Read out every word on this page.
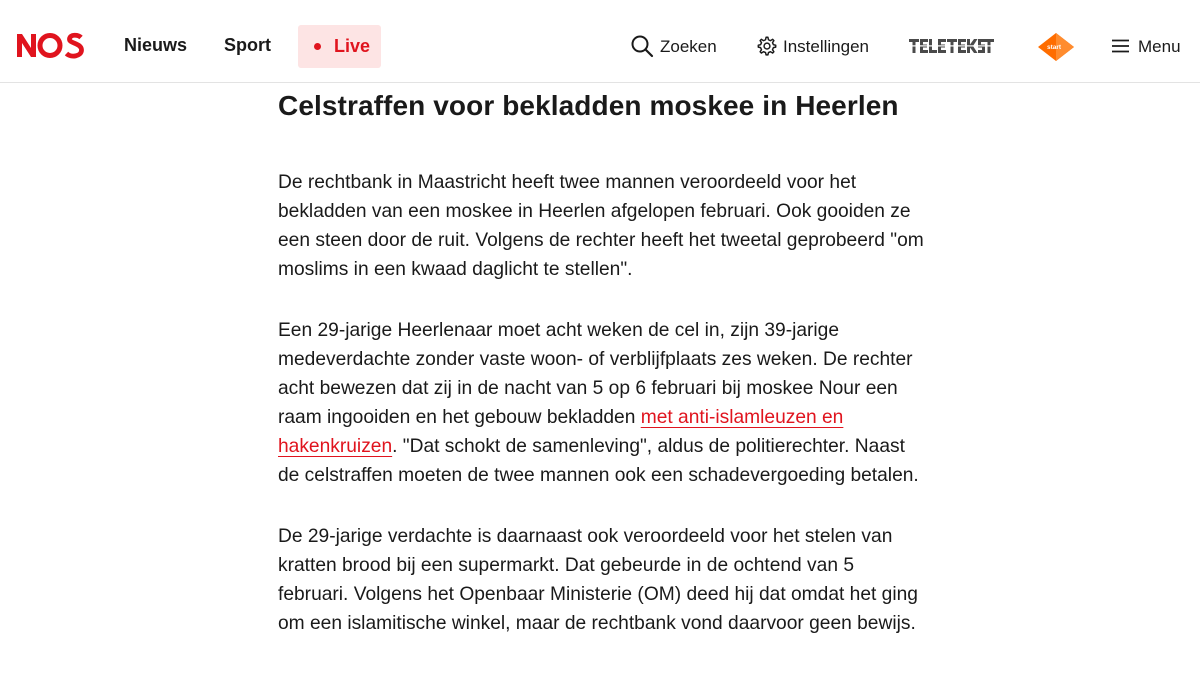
Nieuws Sport	Live	Zoeken	Instellingen	start	Menu
Celstraffen voor bekladden moskee in Heerlen

De rechtbank in Maastricht heeft twee mannen veroordeeld voor het bekladden van een moskee in Heerlen afgelopen februari. Ook gooiden ze een steen door de ruit. Volgens de rechter heeft het tweetal geprobeerd "om moslims in een kwaad daglicht te stellen".

Een 29-jarige Heerlenaar moet acht weken de cel in, zijn 39-jarige medeverdachte zonder vaste woon- of verblijfplaats zes weken. De rechter acht bewezen dat zij in de nacht van 5 op 6 februari bij moskee Nour een raam ingooiden en het gebouw bekladden met anti-islamleuzen en hakenkruizen. "Dat schokt de samenleving", aldus de politierechter. Naast de celstraffen moeten de twee mannen ook een schadevergoeding betalen.

De 29-jarige verdachte is daarnaast ook veroordeeld voor het stelen van kratten brood bij een supermarkt. Dat gebeurde in de ochtend van 5 februari. Volgens het Openbaar Ministerie (OM) deed hij dat omdat het ging om een islamitische winkel, maar de rechtbank vond daarvoor geen bewijs.
